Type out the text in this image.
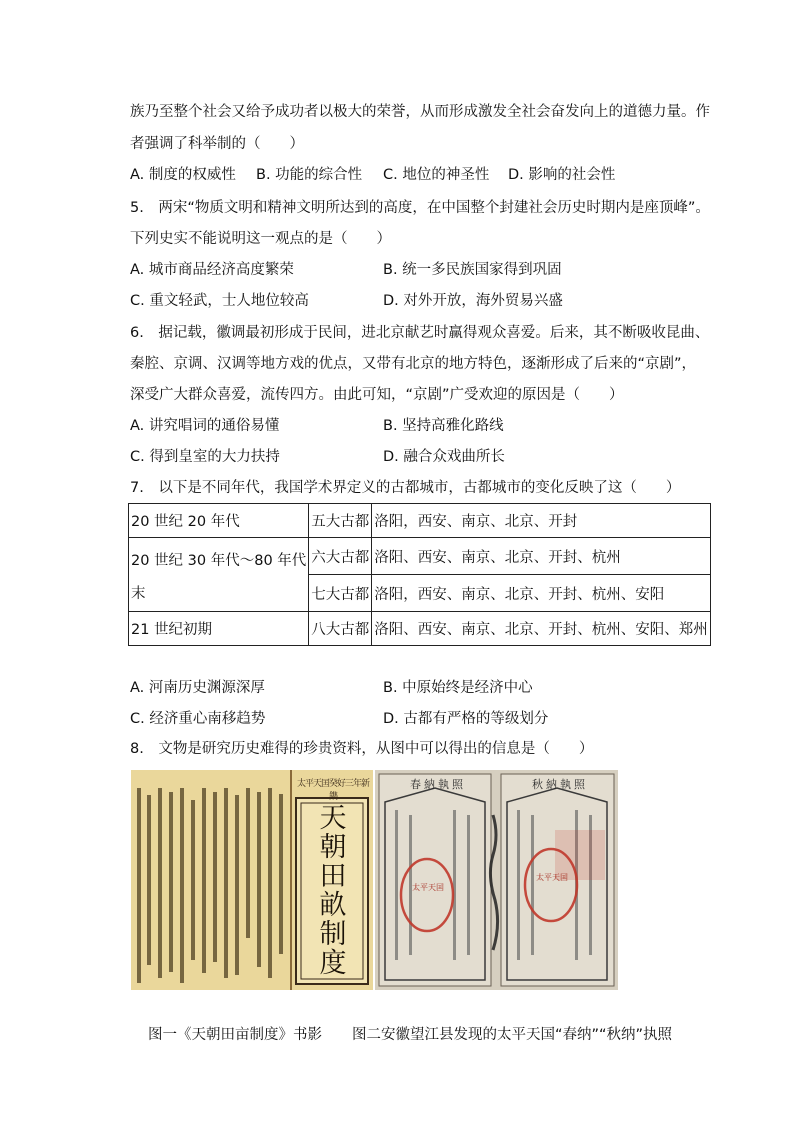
族乃至整个社会又给予成功者以极大的荣誉，从而形成激发全社会奋发向上的道德力量。作
者强调了科举制的（　　）
A. 制度的权威性 B. 功能的综合性 C. 地位的神圣性 D. 影响的社会性
5.　两宋“物质文明和精神文明所达到的高度，在中国整个封建社会历史时期内是座顶峰”。
下列史实不能说明这一观点的是（　　）
A. 城市商品经济高度繁荣	B. 统一多民族国家得到巩固
C. 重文轻武，士人地位较高	D. 对外开放，海外贸易兴盛
6.　据记载，徽调最初形成于民间，进北京献艺时赢得观众喜爱。后来，其不断吸收昆曲、
秦腔、京调、汉调等地方戏的优点，又带有北京的地方特色，逐渐形成了后来的“京剧”，
深受广大群众喜爱，流传四方。由此可知，“京剧”广受欢迎的原因是（　　）
A. 讲究唱词的通俗易懂	B. 坚持高雅化路线
C. 得到皇室的大力扶持	D. 融合众戏曲所长
7.　以下是不同年代，我国学术界定义的古都城市，古都城市的变化反映了这（　　）
20 世纪 20 年代	五大古都	洛阳，西安、南京、北京、开封
20 世纪 30 年代～80 年代
末	六大古都	洛阳、西安、南京、北京、开封、杭州
	七大古都	洛阳，西安、南京、北京、开封、杭州、安阳
21 世纪初期	八大古都	洛阳、西安、南京、北京、开封、杭州、安阳、郑州
A. 河南历史渊源深厚	B. 中原始终是经济中心
C. 经济重心南移趋势	D. 古都有严格的等级划分
8.　文物是研究历史难得的珍贵资料，从图中可以得出的信息是（　　）
太平天囯癸好三年新鐫
天
朝
田
畝
制
度
春納執照	秋納執照
太平天囯
太平天囯
图一《天朝田亩制度》书影 图二安徽望江县发现的太平天国“春纳”“秋纳”执照
